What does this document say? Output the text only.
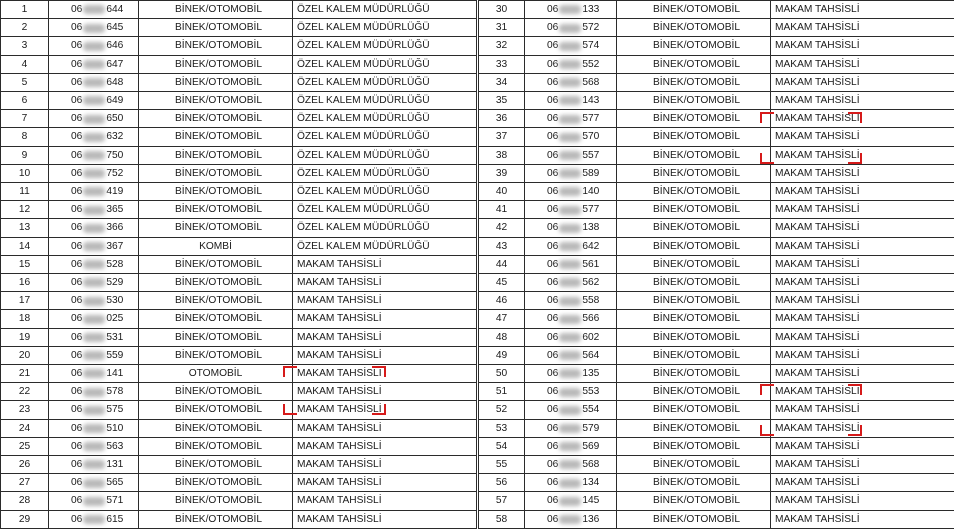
1	06 644	BİNEK/OTOMOBİL	ÖZEL KALEM MÜDÜRLÜĞÜ
2	06 645	BİNEK/OTOMOBİL	ÖZEL KALEM MÜDÜRLÜĞÜ
3	06 646	BİNEK/OTOMOBİL	ÖZEL KALEM MÜDÜRLÜĞÜ
4	06 647	BİNEK/OTOMOBİL	ÖZEL KALEM MÜDÜRLÜĞÜ
5	06 648	BİNEK/OTOMOBİL	ÖZEL KALEM MÜDÜRLÜĞÜ
6	06 649	BİNEK/OTOMOBİL	ÖZEL KALEM MÜDÜRLÜĞÜ
7	06 650	BİNEK/OTOMOBİL	ÖZEL KALEM MÜDÜRLÜĞÜ
8	06 632	BİNEK/OTOMOBİL	ÖZEL KALEM MÜDÜRLÜĞÜ
9	06 750	BİNEK/OTOMOBİL	ÖZEL KALEM MÜDÜRLÜĞÜ
10	06 752	BİNEK/OTOMOBİL	ÖZEL KALEM MÜDÜRLÜĞÜ
11	06 419	BİNEK/OTOMOBİL	ÖZEL KALEM MÜDÜRLÜĞÜ
12	06 365	BİNEK/OTOMOBİL	ÖZEL KALEM MÜDÜRLÜĞÜ
13	06 366	BİNEK/OTOMOBİL	ÖZEL KALEM MÜDÜRLÜĞÜ
14	06 367	KOMBİ	ÖZEL KALEM MÜDÜRLÜĞÜ
15	06 528	BİNEK/OTOMOBİL	MAKAM TAHSİSLİ
16	06 529	BİNEK/OTOMOBİL	MAKAM TAHSİSLİ
17	06 530	BİNEK/OTOMOBİL	MAKAM TAHSİSLİ
18	06 025	BİNEK/OTOMOBİL	MAKAM TAHSİSLİ
19	06 531	BİNEK/OTOMOBİL	MAKAM TAHSİSLİ
20	06 559	BİNEK/OTOMOBİL	MAKAM TAHSİSLİ
21	06 141	OTOMOBİL	MAKAM TAHSİSLİ
22	06 578	BİNEK/OTOMOBİL	MAKAM TAHSİSLİ
23	06 575	BİNEK/OTOMOBİL	MAKAM TAHSİSLİ
24	06 510	BİNEK/OTOMOBİL	MAKAM TAHSİSLİ
25	06 563	BİNEK/OTOMOBİL	MAKAM TAHSİSLİ
26	06 131	BİNEK/OTOMOBİL	MAKAM TAHSİSLİ
27	06 565	BİNEK/OTOMOBİL	MAKAM TAHSİSLİ
28	06 571	BİNEK/OTOMOBİL	MAKAM TAHSİSLİ
29	06 615	BİNEK/OTOMOBİL	MAKAM TAHSİSLİ
30	06 133	BİNEK/OTOMOBİL	MAKAM TAHSİSLİ
31	06 572	BİNEK/OTOMOBİL	MAKAM TAHSİSLİ
32	06 574	BİNEK/OTOMOBİL	MAKAM TAHSİSLİ
33	06 552	BİNEK/OTOMOBİL	MAKAM TAHSİSLİ
34	06 568	BİNEK/OTOMOBİL	MAKAM TAHSİSLİ
35	06 143	BİNEK/OTOMOBİL	MAKAM TAHSİSLİ
36	06 577	BİNEK/OTOMOBİL	MAKAM TAHSİSLİ
37	06 570	BİNEK/OTOMOBİL	MAKAM TAHSİSLİ
38	06 557	BİNEK/OTOMOBİL	MAKAM TAHSİSLİ
39	06 589	BİNEK/OTOMOBİL	MAKAM TAHSİSLİ
40	06 140	BİNEK/OTOMOBİL	MAKAM TAHSİSLİ
41	06 577	BİNEK/OTOMOBİL	MAKAM TAHSİSLİ
42	06 138	BİNEK/OTOMOBİL	MAKAM TAHSİSLİ
43	06 642	BİNEK/OTOMOBİL	MAKAM TAHSİSLİ
44	06 561	BİNEK/OTOMOBİL	MAKAM TAHSİSLİ
45	06 562	BİNEK/OTOMOBİL	MAKAM TAHSİSLİ
46	06 558	BİNEK/OTOMOBİL	MAKAM TAHSİSLİ
47	06 566	BİNEK/OTOMOBİL	MAKAM TAHSİSLİ
48	06 602	BİNEK/OTOMOBİL	MAKAM TAHSİSLİ
49	06 564	BİNEK/OTOMOBİL	MAKAM TAHSİSLİ
50	06 135	BİNEK/OTOMOBİL	MAKAM TAHSİSLİ
51	06 553	BİNEK/OTOMOBİL	MAKAM TAHSİSLİ
52	06 554	BİNEK/OTOMOBİL	MAKAM TAHSİSLİ
53	06 579	BİNEK/OTOMOBİL	MAKAM TAHSİSLİ
54	06 569	BİNEK/OTOMOBİL	MAKAM TAHSİSLİ
55	06 568	BİNEK/OTOMOBİL	MAKAM TAHSİSLİ
56	06 134	BİNEK/OTOMOBİL	MAKAM TAHSİSLİ
57	06 145	BİNEK/OTOMOBİL	MAKAM TAHSİSLİ
58	06 136	BİNEK/OTOMOBİL	MAKAM TAHSİSLİ
